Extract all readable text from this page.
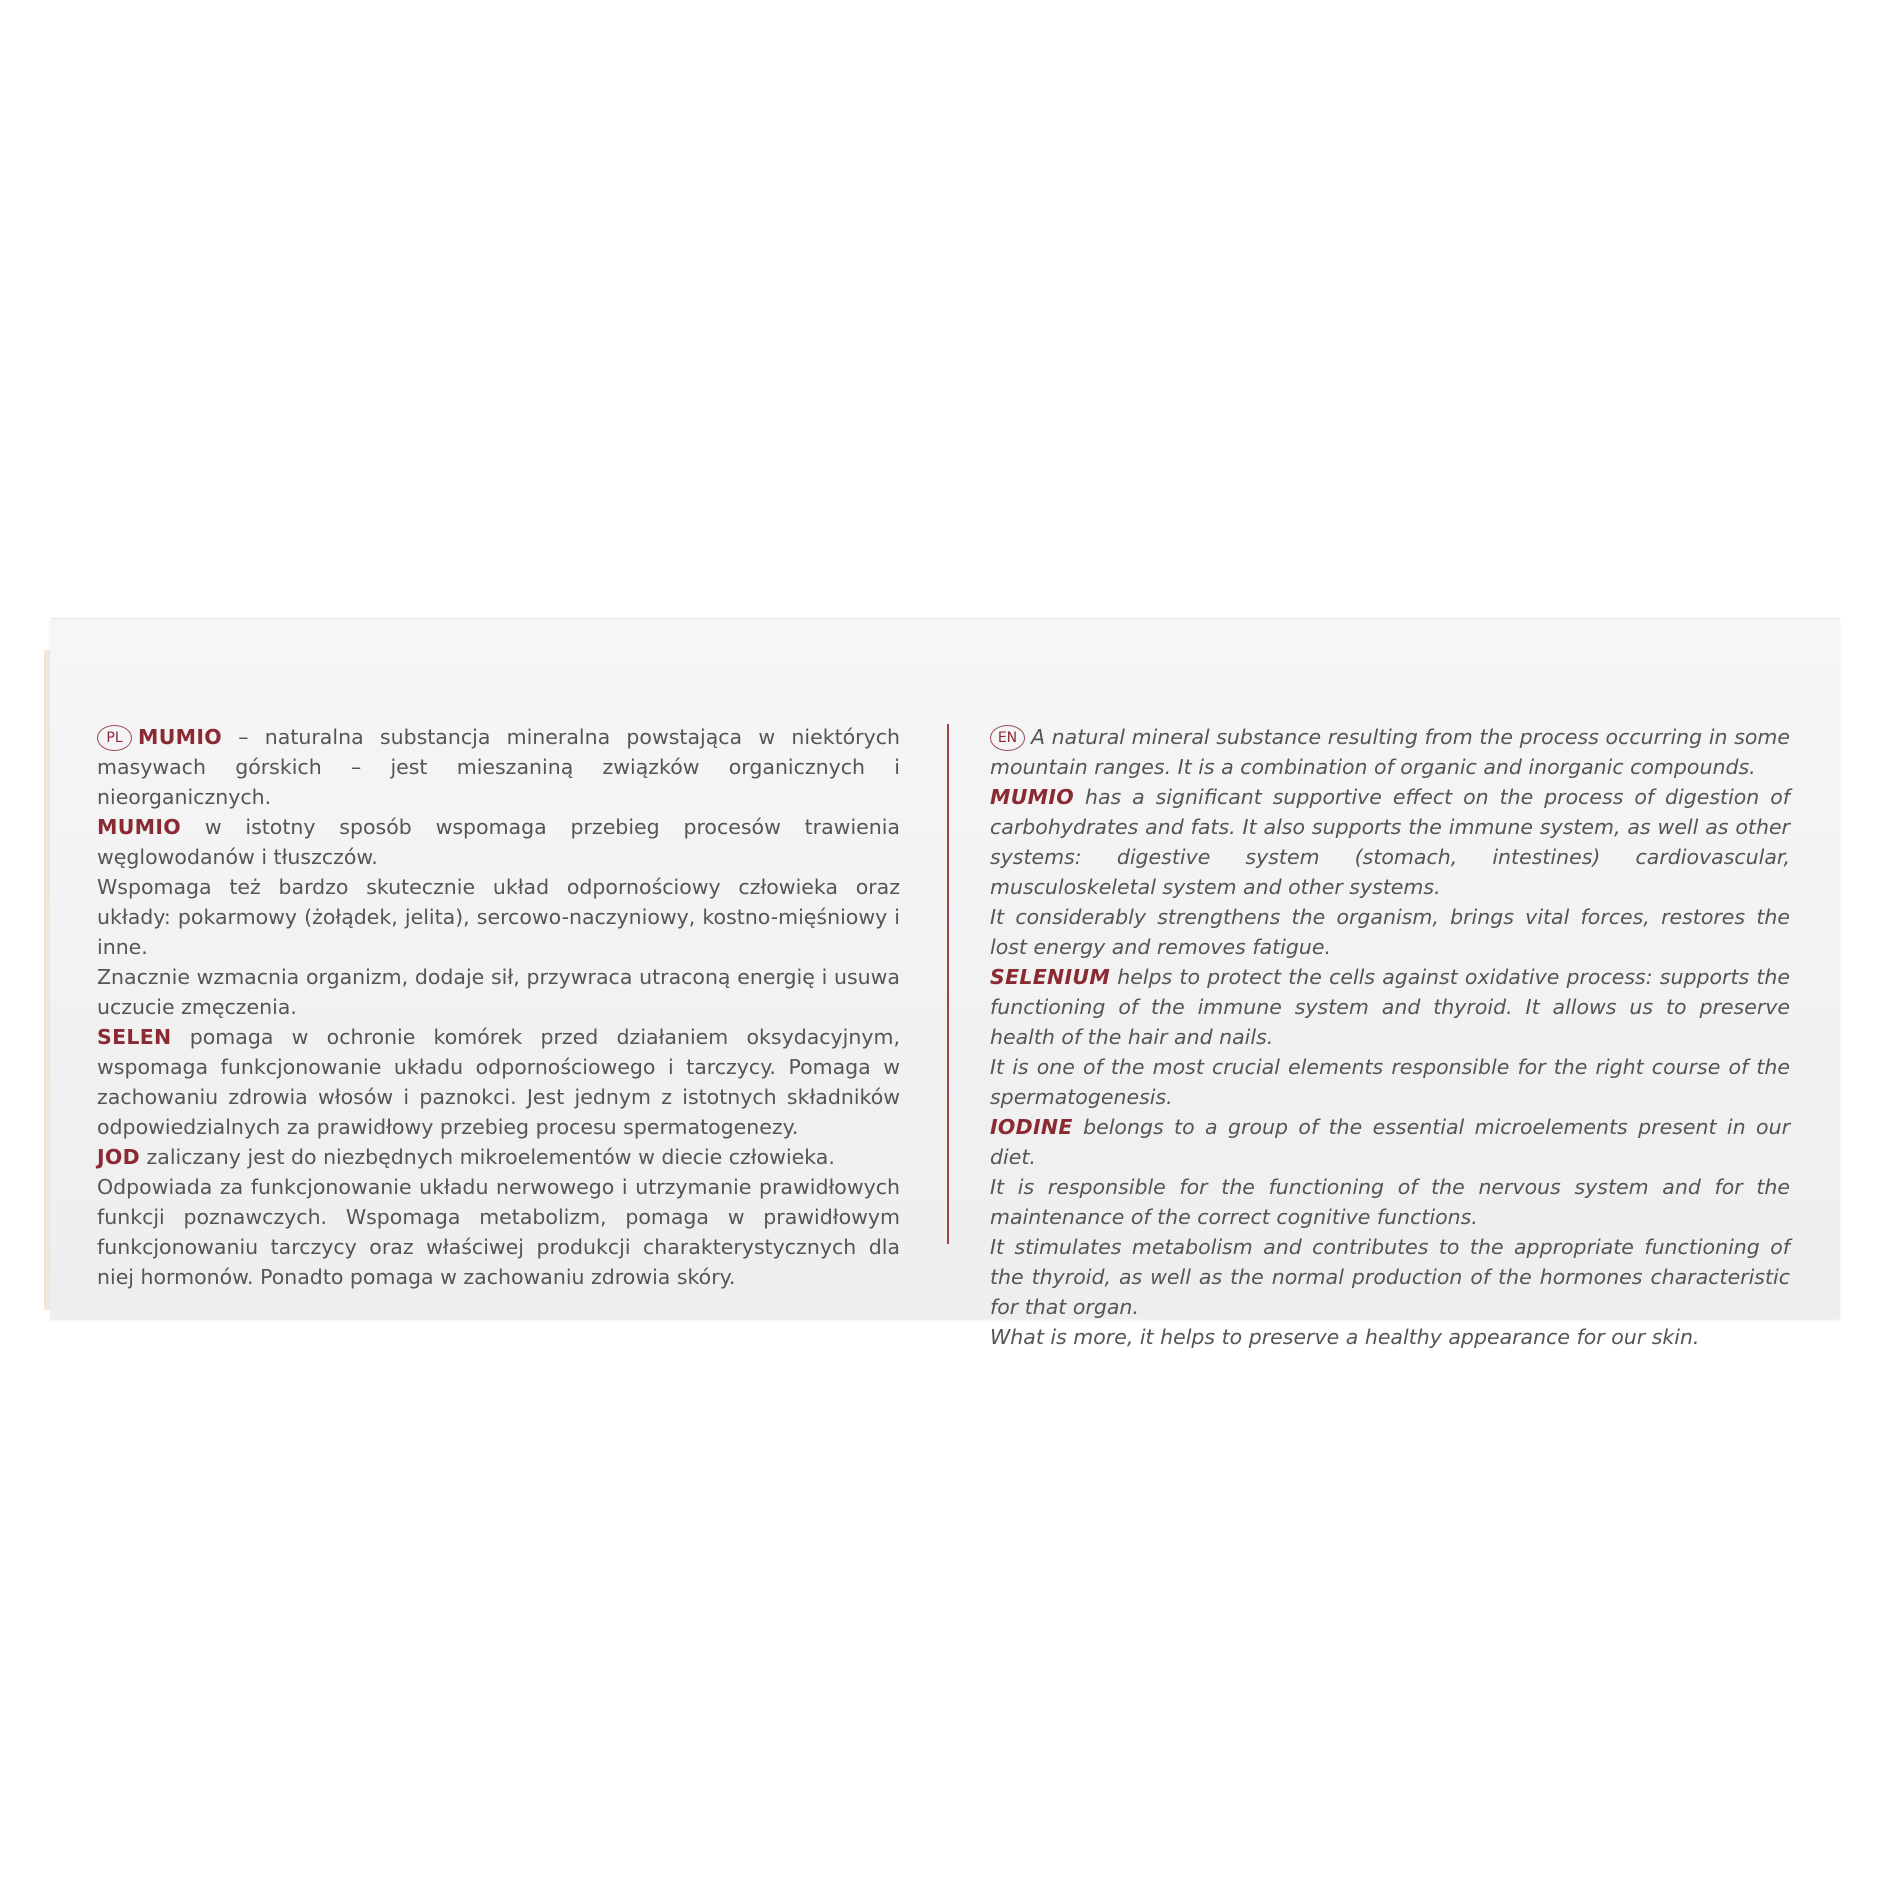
PL MUMIO – naturalna substancja mineralna powstająca w niektórych masywach górskich – jest mieszaniną związków organicznych i nieorganicznych.

MUMIO w istotny sposób wspomaga przebieg procesów trawienia węglowodanów i tłuszczów.

Wspomaga też bardzo skutecznie układ odpornościowy człowieka oraz układy: pokarmowy (żołądek, jelita), sercowo-naczyniowy, kostno-mięśniowy i inne.

Znacznie wzmacnia organizm, dodaje sił, przywraca utraconą energię i usuwa uczucie zmęczenia.

SELEN pomaga w ochronie komórek przed działaniem oksydacyjnym, wspomaga funkcjonowanie układu odpornościowego i tarczycy. Pomaga w zachowaniu zdrowia włosów i paznokci. Jest jednym z istotnych składników odpowiedzialnych za prawidłowy przebieg procesu spermatogenezy.

JOD zaliczany jest do niezbędnych mikroelementów w diecie człowieka.

Odpowiada za funkcjonowanie układu nerwowego i utrzymanie prawidłowych funkcji poznawczych. Wspomaga metabolizm, pomaga w prawidłowym funkcjonowaniu tarczycy oraz właściwej produkcji charakterystycznych dla niej hormonów. Ponadto pomaga w zachowaniu zdrowia skóry.

EN A natural mineral substance resulting from the process occurring in some mountain ranges. It is a combination of organic and inorganic compounds.

MUMIO has a significant supportive effect on the process of digestion of carbohydrates and fats. It also supports the immune system, as well as other systems: digestive system (stomach, intestines) cardiovascular, musculoskeletal system and other systems.

It considerably strengthens the organism, brings vital forces, restores the lost energy and removes fatigue.

SELENIUM helps to protect the cells against oxidative process: supports the functioning of the immune system and thyroid. It allows us to preserve health of the hair and nails.

It is one of the most crucial elements responsible for the right course of the spermatogenesis.

IODINE belongs to a group of the essential microelements present in our diet.

It is responsible for the functioning of the nervous system and for the maintenance of the correct cognitive functions.

It stimulates metabolism and contributes to the appropriate functioning of the thyroid, as well as the normal production of the hormones characteristic for that organ.

What is more, it helps to preserve a healthy appearance for our skin.
